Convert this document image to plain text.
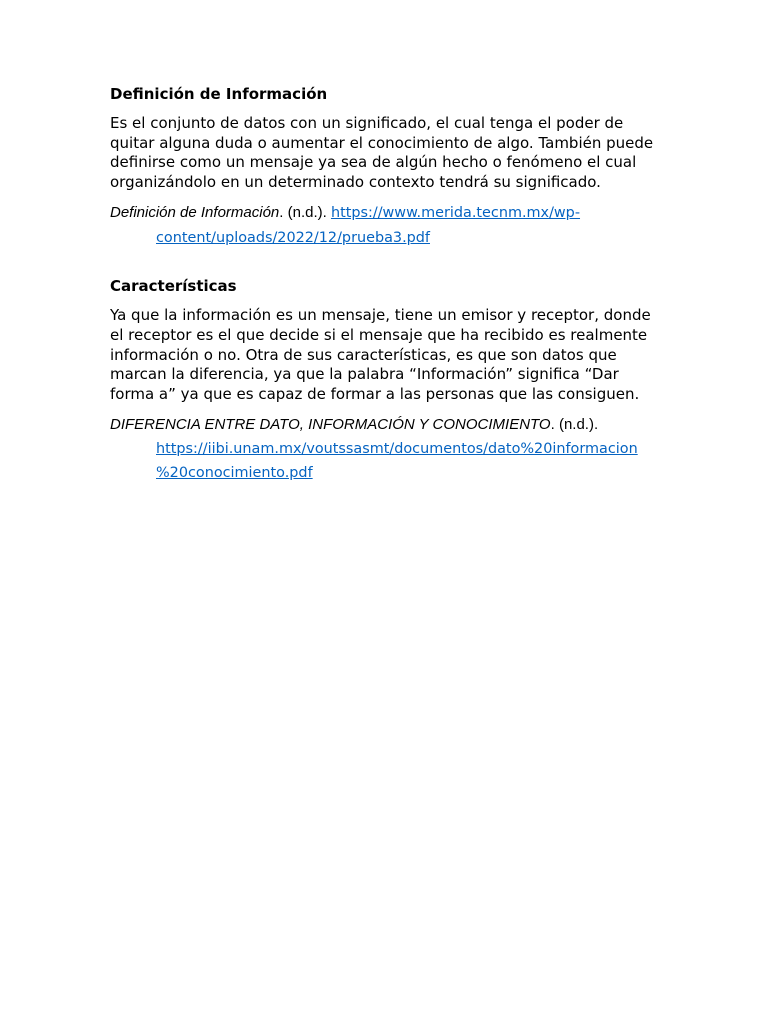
Definición de Información
Es el conjunto de datos con un significado, el cual tenga el poder de quitar alguna duda o aumentar el conocimiento de algo. También puede definirse como un mensaje ya sea de algún hecho o fenómeno el cual organizándolo en un determinado contexto tendrá su significado.
Definición de Información. (n.d.). https://www.merida.tecnm.mx/wp-
content/uploads/2022/12/prueba3.pdf
Características
Ya que la información es un mensaje, tiene un emisor y receptor, donde el receptor es el que decide si el mensaje que ha recibido es realmente información o no. Otra de sus características, es que son datos que marcan la diferencia, ya que la palabra “Información” significa “Dar forma a” ya que es capaz de formar a las personas que las consiguen.
DIFERENCIA ENTRE DATO, INFORMACIÓN Y CONOCIMIENTO. (n.d.).
https://iibi.unam.mx/voutssasmt/documentos/dato%20informacion
%20conocimiento.pdf
